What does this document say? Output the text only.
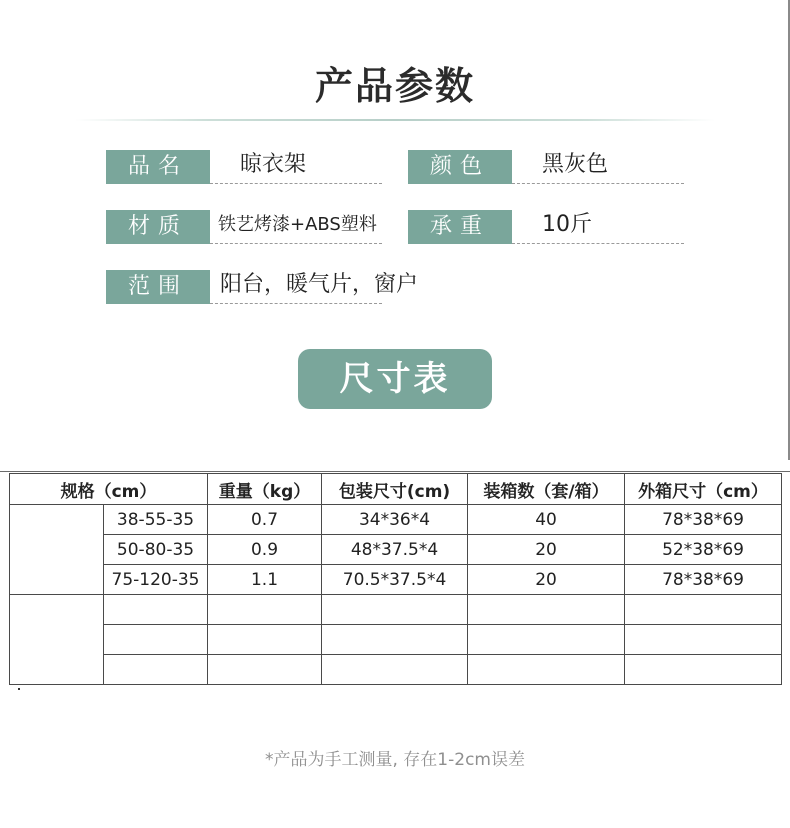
产品参数
品名	晾衣架	颜色	黑灰色
材质	铁艺烤漆+ABS塑料	承重	10斤
范围	阳台，暖气片，窗户
尺寸表
规格（cm）		重量（kg）	包装尺寸(cm)	装箱数（套/箱）	外箱尺寸（cm）
	38-55-35	0.7	34*36*4	40	78*38*69
	50-80-35	0.9	48*37.5*4	20	52*38*69
	75-120-35	1.1	70.5*37.5*4	20	78*38*69

*产品为手工测量, 存在1-2cm误差
